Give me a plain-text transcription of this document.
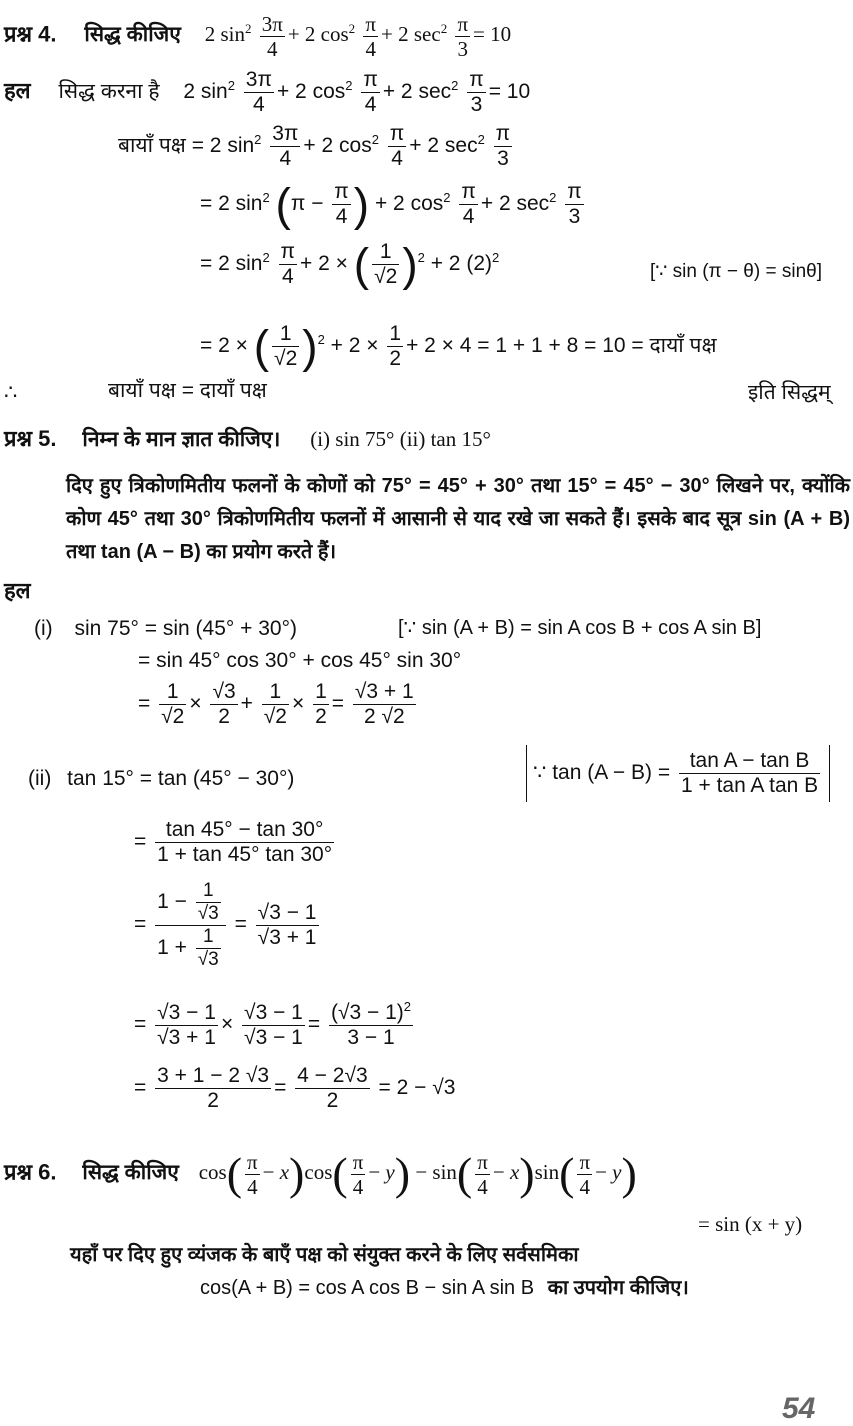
प्रश्न 4. सिद्ध कीजिए 2 $\sin^2 \frac{3\pi}{4} + 2$ $\cos^2 \frac{\pi}{4} + 2$ $\sec^2 \frac{\pi}{3} = 10$
हल सिद्ध करना है 2 $\sin^2 \frac{3\pi}{4} + 2$ $\cos^2 \frac{\pi}{4} + 2$ $\sec^2 \frac{\pi}{3} = 10$
बायाँ पक्ष = 2 $\sin^2 \frac{3\pi}{4} + 2$ $\cos^2 \frac{\pi}{4} + 2$ $\sec^2 \frac{\pi}{3}$
= 2 $\sin^2 (\pi - \frac{\pi}{4}$ ) + 2 $\cos^2 \frac{\pi}{4} + 2$ $\sec^2 \frac{\pi}{3}$
= 2 $\sin^2 \frac{\pi}{4} + 2$ × ( $\frac{1}{√2} )^2 + 2$ $(2)^2$
[∵ sin (π − θ) = sinθ]
= 2 × ( $\frac{1}{√2} )^2 + 2 \times \frac{1}{2} + 2 \times 4 = 1 + 1 + 8 = 10$ = दायाँ पक्ष
∴	बायाँ पक्ष = दायाँ पक्ष	इति सिद्धम्
प्रश्न 5. निम्न के मान ज्ञात कीजिए। (i) sin 75° (ii) tan 15°
दिए हुए त्रिकोणमितीय फलनों के कोणों को 75° = 45° + 30° तथा 15° = 45° − 30° लिखने पर, क्योंकि कोण 45° तथा 30° त्रिकोणमितीय फलनों में आसानी से याद रखे जा सकते हैं। इसके बाद सूत्र sin (A + B) तथा tan (A − B) का प्रयोग करते हैं।
हल
(i) sin 75° = sin (45° + 30°)	[∵ sin (A + B) = sin A cos B + cos A sin B]
= sin 45° cos 30° + cos 45° sin 30°
= $\frac{1}{√2} \times \frac{√3}{2} + \frac{1}{√2} \times \frac{1}{2} = \frac{√3 + 1}{2 √2}$
(ii) tan 15° = tan (45° − 30°)	∵ $\tan (A - B) = \frac{\text{tan A − tan B}}{\text{1 + tan A tan B}}$
= $\frac{\tan 45^\circ - \tan 30^\circ}{1 + \tan 45^\circ \tan 30^\circ}$
= $\frac{1 - \frac{1}{√3}}{1 + \frac{1}{√3}} = \frac{√3 - 1}{√3 + 1}$
= $\frac{√3 - 1}{√3 + 1} \times \frac{√3 - 1}{√3 - 1} = \frac{(√3 - 1)^2}{3 - 1}$
= $\frac{3 + 1 - 2 √3}{2} = \frac{4 - 2√3}{2} = 2 - √3$
प्रश्न 6. सिद्ध कीजिए $\cos( \frac{\pi}{4} - x)\cos( \frac{\pi}{4} - y) - \sin( \frac{\pi}{4} - x)\sin( \frac{\pi}{4} - y)$
= sin (x + y)
यहाँ पर दिए हुए व्यंजक के बाएँ पक्ष को संयुक्त करने के लिए सर्वसमिका
cos(A + B) = cos A cos B − sin A sin B का उपयोग कीजिए।
54
